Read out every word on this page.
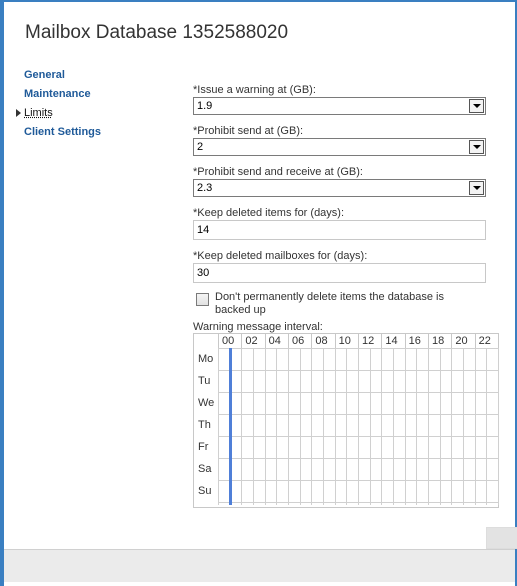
Mailbox Database 1352588020
General
Maintenance
Limits
Client Settings
*Issue a warning at (GB):
1.9
*Prohibit send at (GB):
2
*Prohibit send and receive at (GB):
2.3
*Keep deleted items for (days):
14
*Keep deleted mailboxes for (days):
30
Don't permanently delete items the database is backed up
Warning message interval:
00	02	04	06	08	10	12	14	16	18	20	22
Mo
Tu
We
Th
Fr
Sa
Su
